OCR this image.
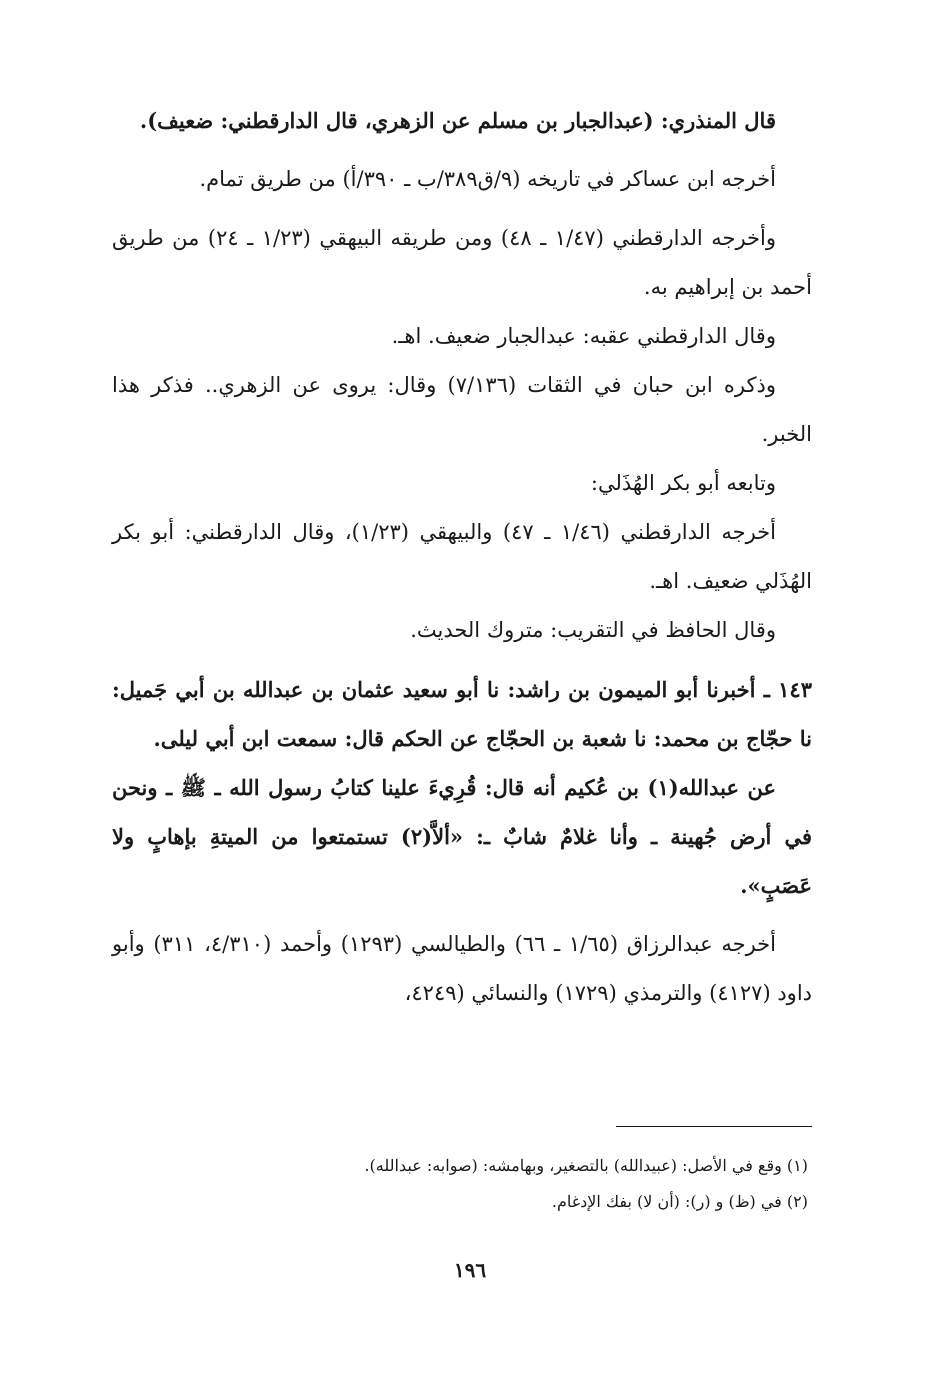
قال المنذري: (عبدالجبار بن مسلم عن الزهري، قال الدارقطني: ضعيف).

أخرجه ابن عساكر في تاريخه (٩/ق٣٨٩/ب ـ ٣٩٠/أ) من طريق تمام.

وأخرجه الدارقطني (١/٤٧ ـ ٤٨) ومن طريقه البيهقي (١/٢٣ ـ ٢٤) من طريق أحمد بن إبراهيم به.

وقال الدارقطني عقبه: عبدالجبار ضعيف. اهـ.

وذكره ابن حبان في الثقات (٧/١٣٦) وقال: يروى عن الزهري.. فذكر هذا الخبر.

وتابعه أبو بكر الهُذَلي:

أخرجه الدارقطني (١/٤٦ ـ ٤٧) والبيهقي (١/٢٣)، وقال الدارقطني: أبو بكر الهُذَلي ضعيف. اهـ.

وقال الحافظ في التقريب: متروك الحديث.

١٤٣ ـ أخبرنا أبو الميمون بن راشد: نا أبو سعيد عثمان بن عبدالله بن أبي جَميل: نا حجّاج بن محمد: نا شعبة بن الحجّاج عن الحكم قال: سمعت ابن أبي ليلى.

عن عبدالله(١) بن عُكيم أنه قال: قُرِيءَ علينا كتابُ رسول الله ـ ﷺ ـ ونحن في أرض جُهينة ـ وأنا غلامٌ شابٌ ـ: «ألاَّ(٢) تستمتعوا من الميتةِ بإهابٍ ولا عَصَبٍ».

أخرجه عبدالرزاق (١/٦٥ ـ ٦٦) والطيالسي (١٢٩٣) وأحمد (٤/٣١٠، ٣١١) وأبو داود (٤١٢٧) والترمذي (١٧٢٩) والنسائي (٤٢٤٩،

(١) وقع في الأصل: (عبيدالله) بالتصغير، وبهامشه: (صوابه: عبدالله).

(٢) في (ظ) و (ر): (أن لا) بفك الإدغام.

١٩٦
